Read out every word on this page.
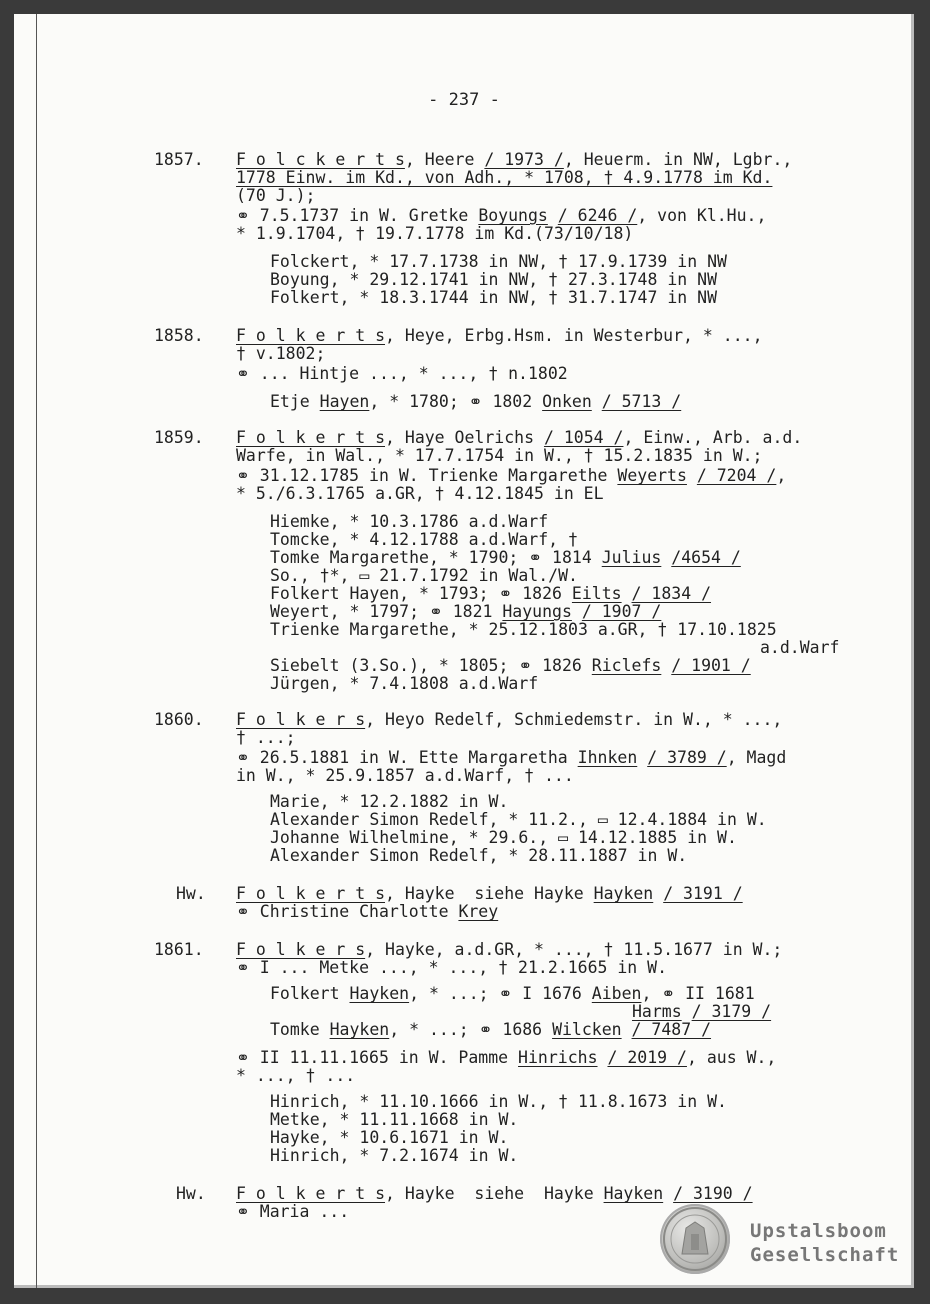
- 237 -
1857. F o l c k e r t s, Heere / 1973 /, Heuerm. in NW, Lgbr.,
1778 Einw. im Kd., von Adh., * 1708, † 4.9.1778 im Kd.
(70 J.);
⚭ 7.5.1737 in W. Gretke Boyungs / 6246 /, von Kl.Hu.,
* 1.9.1704, † 19.7.1778 im Kd.(73/10/18)
Folckert, * 17.7.1738 in NW, † 17.9.1739 in NW
Boyung, * 29.12.1741 in NW, † 27.3.1748 in NW
Folkert, * 18.3.1744 in NW, † 31.7.1747 in NW
1858. F o l k e r t s, Heye, Erbg.Hsm. in Westerbur, * ...,
† v.1802;
⚭ ... Hintje ..., * ..., † n.1802
Etje Hayen, * 1780; ⚭ 1802 Onken / 5713 /
1859. F o l k e r t s, Haye Oelrichs / 1054 /, Einw., Arb. a.d.
Warfe, in Wal., * 17.7.1754 in W., † 15.2.1835 in W.;
⚭ 31.12.1785 in W. Trienke Margarethe Weyerts / 7204 /,
* 5./6.3.1765 a.GR, † 4.12.1845 in EL
Hiemke, * 10.3.1786 a.d.Warf
Tomcke, * 4.12.1788 a.d.Warf, †
Tomke Margarethe, * 1790; ⚭ 1814 Julius /4654 /
So., †*, ▭ 21.7.1792 in Wal./W.
Folkert Hayen, * 1793; ⚭ 1826 Eilts / 1834 /
Weyert, * 1797; ⚭ 1821 Hayungs / 1907 /
Trienke Margarethe, * 25.12.1803 a.GR, † 17.10.1825
a.d.Warf
Siebelt (3.So.), * 1805; ⚭ 1826 Riclefs / 1901 /
Jürgen, * 7.4.1808 a.d.Warf
1860. F o l k e r s, Heyo Redelf, Schmiedemstr. in W., * ...,
† ...;
⚭ 26.5.1881 in W. Ette Margaretha Ihnken / 3789 /, Magd
in W., * 25.9.1857 a.d.Warf, † ...
Marie, * 12.2.1882 in W.
Alexander Simon Redelf, * 11.2., ▭ 12.4.1884 in W.
Johanne Wilhelmine, * 29.6., ▭ 14.12.1885 in W.
Alexander Simon Redelf, * 28.11.1887 in W.
Hw. F o l k e r t s, Hayke  siehe Hayke Hayken / 3191 /
⚭ Christine Charlotte Krey
1861. F o l k e r s, Hayke, a.d.GR, * ..., † 11.5.1677 in W.;
⚭ I ... Metke ..., * ..., † 21.2.1665 in W.
Folkert Hayken, * ...; ⚭ I 1676 Aiben, ⚭ II 1681
Harms / 3179 /
Tomke Hayken, * ...; ⚭ 1686 Wilcken / 7487 /
⚭ II 11.11.1665 in W. Pamme Hinrichs / 2019 /, aus W.,
* ..., † ...
Hinrich, * 11.10.1666 in W., † 11.8.1673 in W.
Metke, * 11.11.1668 in W.
Hayke, * 10.6.1671 in W.
Hinrich, * 7.2.1674 in W.
Hw. F o l k e r t s, Hayke  siehe  Hayke Hayken / 3190 /
⚭ Maria ...
Upstalsboom
Gesellschaft
